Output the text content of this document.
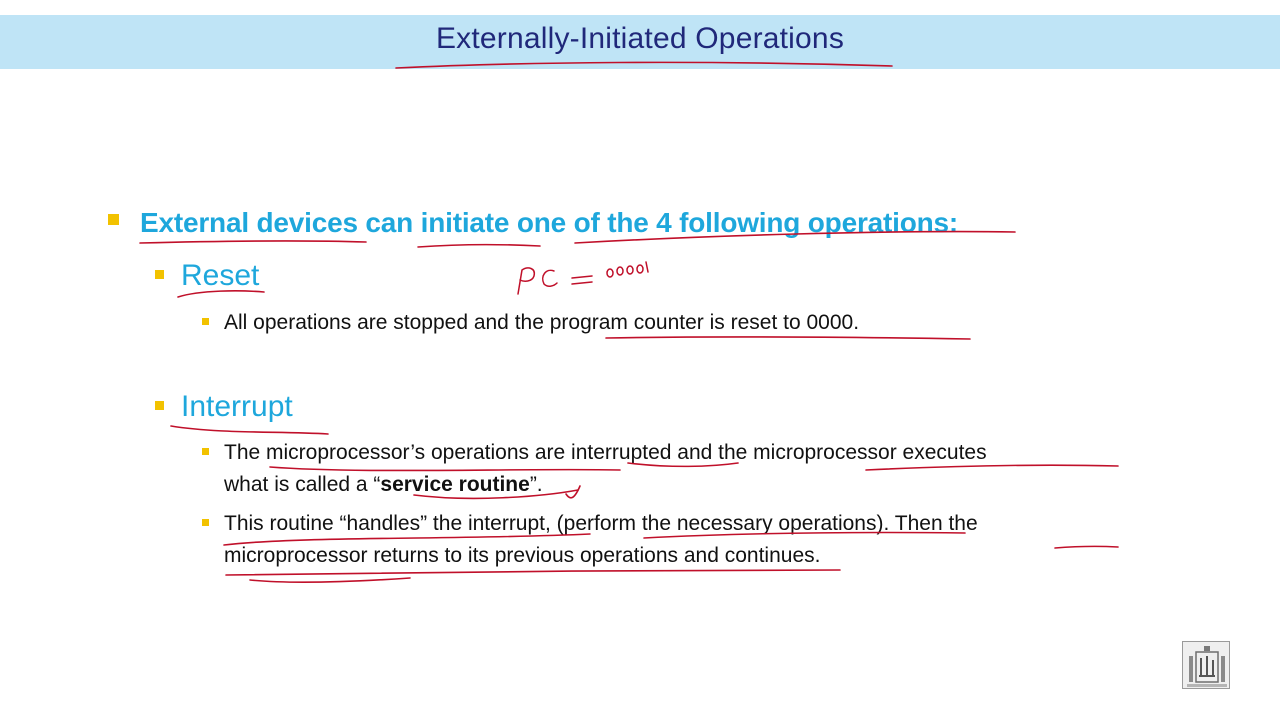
Externally-Initiated Operations
External devices can initiate one of the 4 following operations:
Reset
All operations are stopped and the program counter is reset to 0000.
Interrupt
The microprocessor’s operations are interrupted and the microprocessor executes
what is called a “service routine”.
This routine “handles” the interrupt, (perform the necessary operations). Then the
microprocessor returns to its previous operations and continues.
